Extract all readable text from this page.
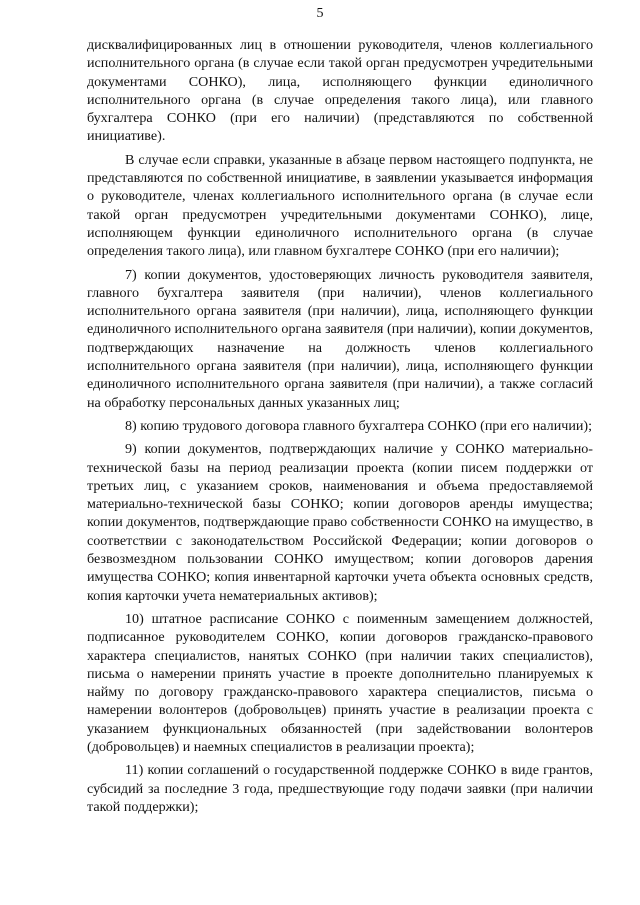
5

дисквалифицированных лиц в отношении руководителя, членов коллегиального исполнительного органа (в случае если такой орган предусмотрен учредительными документами СОНКО), лица, исполняющего функции единоличного исполнительного органа (в случае определения такого лица), или главного бухгалтера СОНКО (при его наличии) (представляются по собственной инициативе).

В случае если справки, указанные в абзаце первом настоящего подпункта, не представляются по собственной инициативе, в заявлении указывается информация о руководителе, членах коллегиального исполнительного органа (в случае если такой орган предусмотрен учредительными документами СОНКО), лице, исполняющем функции единоличного исполнительного органа (в случае определения такого лица), или главном бухгалтере СОНКО (при его наличии);

7) копии документов, удостоверяющих личность руководителя заявителя, главного бухгалтера заявителя (при наличии), членов коллегиального исполнительного органа заявителя (при наличии), лица, исполняющего функции единоличного исполнительного органа заявителя (при наличии), копии документов, подтверждающих назначение на должность членов коллегиального исполнительного органа заявителя (при наличии), лица, исполняющего функции единоличного исполнительного органа заявителя (при наличии), а также согласий на обработку персональных данных указанных лиц;

8) копию трудового договора главного бухгалтера СОНКО (при его наличии);

9) копии документов, подтверждающих наличие у СОНКО материально-технической базы на период реализации проекта (копии писем поддержки от третьих лиц, с указанием сроков, наименования и объема предоставляемой материально-технической базы СОНКО; копии договоров аренды имущества; копии документов, подтверждающие право собственности СОНКО на имущество, в соответствии с законодательством Российской Федерации; копии договоров о безвозмездном пользовании СОНКО имуществом; копии договоров дарения имущества СОНКО; копия инвентарной карточки учета объекта основных средств, копия карточки учета нематериальных активов);

10) штатное расписание СОНКО с поименным замещением должностей, подписанное руководителем СОНКО, копии договоров гражданско-правового характера специалистов, нанятых СОНКО (при наличии таких специалистов), письма о намерении принять участие в проекте дополнительно планируемых к найму по договору гражданско-правового характера специалистов, письма о намерении волонтеров (добровольцев) принять участие в реализации проекта с указанием функциональных обязанностей (при задействовании волонтеров (добровольцев) и наемных специалистов в реализации проекта);

11) копии соглашений о государственной поддержке СОНКО в виде грантов, субсидий за последние 3 года, предшествующие году подачи заявки (при наличии такой поддержки);
